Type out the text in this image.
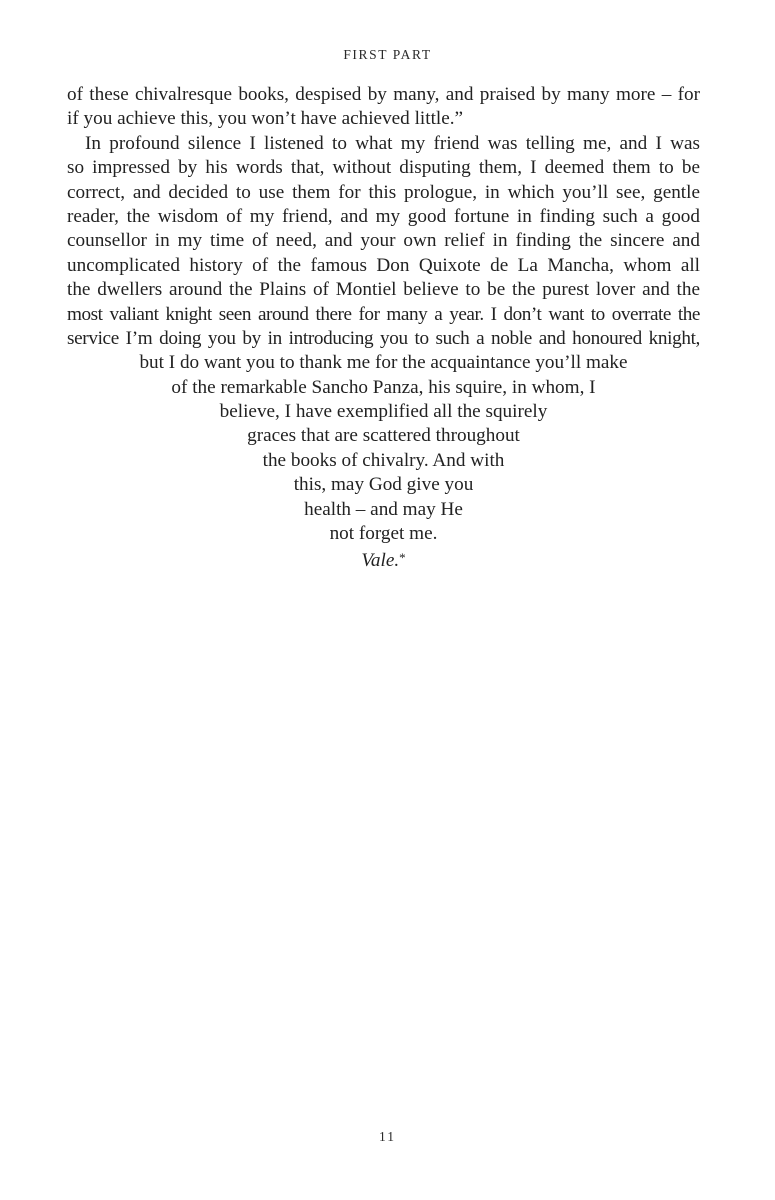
FIRST PART
of these chivalresque books, despised by many, and praised by many more – for
if you achieve this, you won’t have achieved little.”
In profound silence I listened to what my friend was telling me, and I was
so impressed by his words that, without disputing them, I deemed them to be
correct, and decided to use them for this prologue, in which you’ll see, gentle
reader, the wisdom of my friend, and my good fortune in finding such a good
counsellor in my time of need, and your own relief in finding the sincere and
uncomplicated history of the famous Don Quixote de La Mancha, whom all
the dwellers around the Plains of Montiel believe to be the purest lover and the
most valiant knight seen around there for many a year. I don’t want to overrate the
service I’m doing you by in introducing you to such a noble and honoured knight,
but I do want you to thank me for the acquaintance you’ll make
of the remarkable Sancho Panza, his squire, in whom, I
believe, I have exemplified all the squirely
graces that are scattered throughout
the books of chivalry. And with
this, may God give you
health – and may He
not forget me.
Vale.*
11
